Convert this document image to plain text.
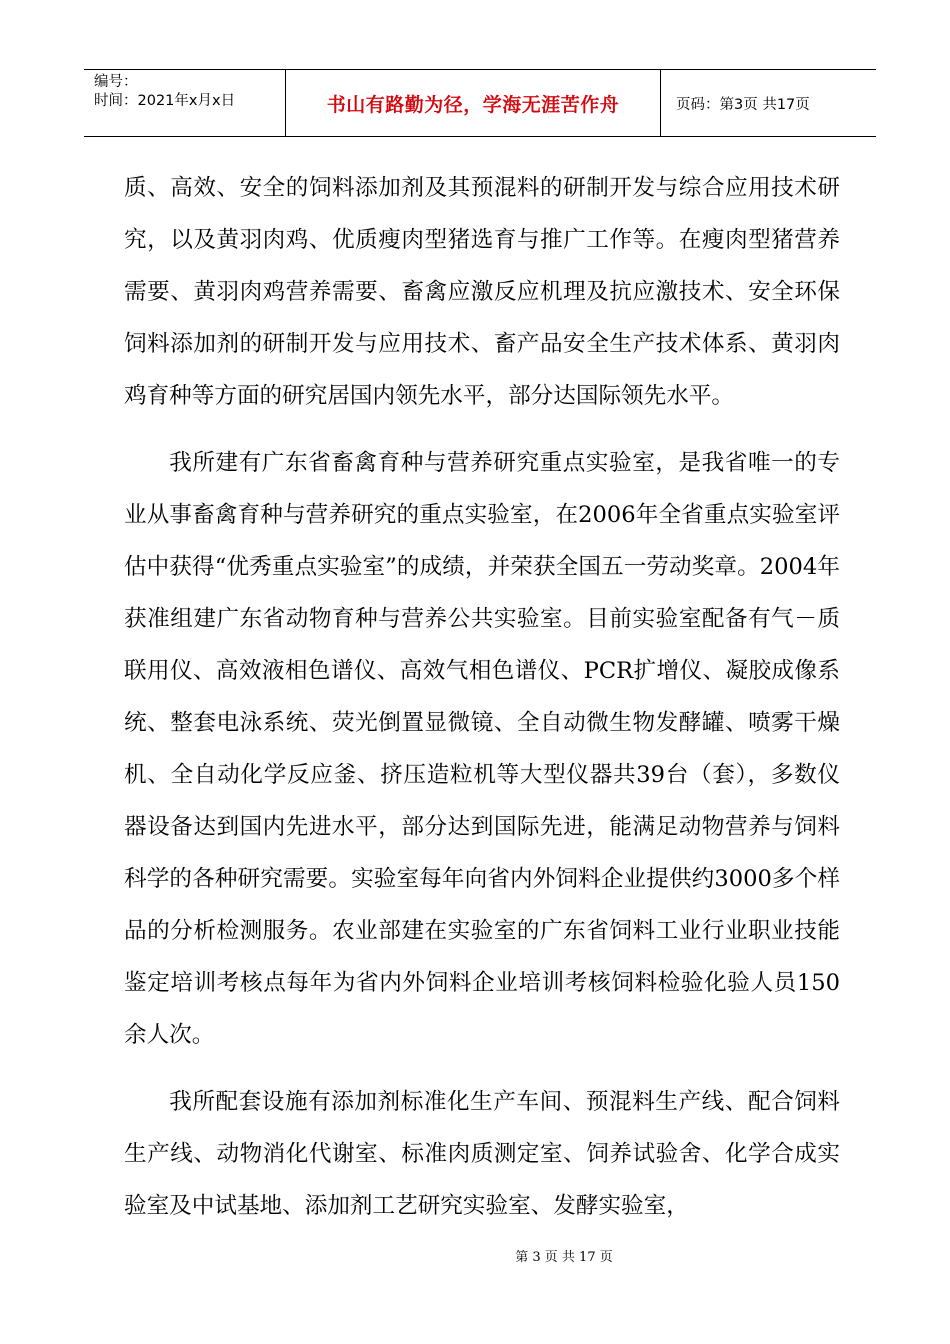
编号：
时间：2021年x月x日	书山有路勤为径，学海无涯苦作舟	页码：第3页 共17页

质、高效、安全的饲料添加剂及其预混料的研制开发与综合应用技术研究，以及黄羽肉鸡、优质瘦肉型猪选育与推广工作等。在瘦肉型猪营养需要、黄羽肉鸡营养需要、畜禽应激反应机理及抗应激技术、安全环保饲料添加剂的研制开发与应用技术、畜产品安全生产技术体系、黄羽肉鸡育种等方面的研究居国内领先水平，部分达国际领先水平。

我所建有广东省畜禽育种与营养研究重点实验室，是我省唯一的专业从事畜禽育种与营养研究的重点实验室，在2006年全省重点实验室评估中获得“优秀重点实验室”的成绩，并荣获全国五一劳动奖章。2004年获准组建广东省动物育种与营养公共实验室。目前实验室配备有气－质联用仪、高效液相色谱仪、高效气相色谱仪、PCR扩增仪、凝胶成像系统、整套电泳系统、荧光倒置显微镜、全自动微生物发酵罐、喷雾干燥机、全自动化学反应釜、挤压造粒机等大型仪器共39台（套），多数仪器设备达到国内先进水平，部分达到国际先进，能满足动物营养与饲料科学的各种研究需要。实验室每年向省内外饲料企业提供约3000多个样品的分析检测服务。农业部建在实验室的广东省饲料工业行业职业技能鉴定培训考核点每年为省内外饲料企业培训考核饲料检验化验人员150余人次。

我所配套设施有添加剂标准化生产车间、预混料生产线、配合饲料生产线、动物消化代谢室、标准肉质测定室、饲养试验舍、化学合成实验室及中试基地、添加剂工艺研究实验室、发酵实验室，

第 3 页 共 17 页
